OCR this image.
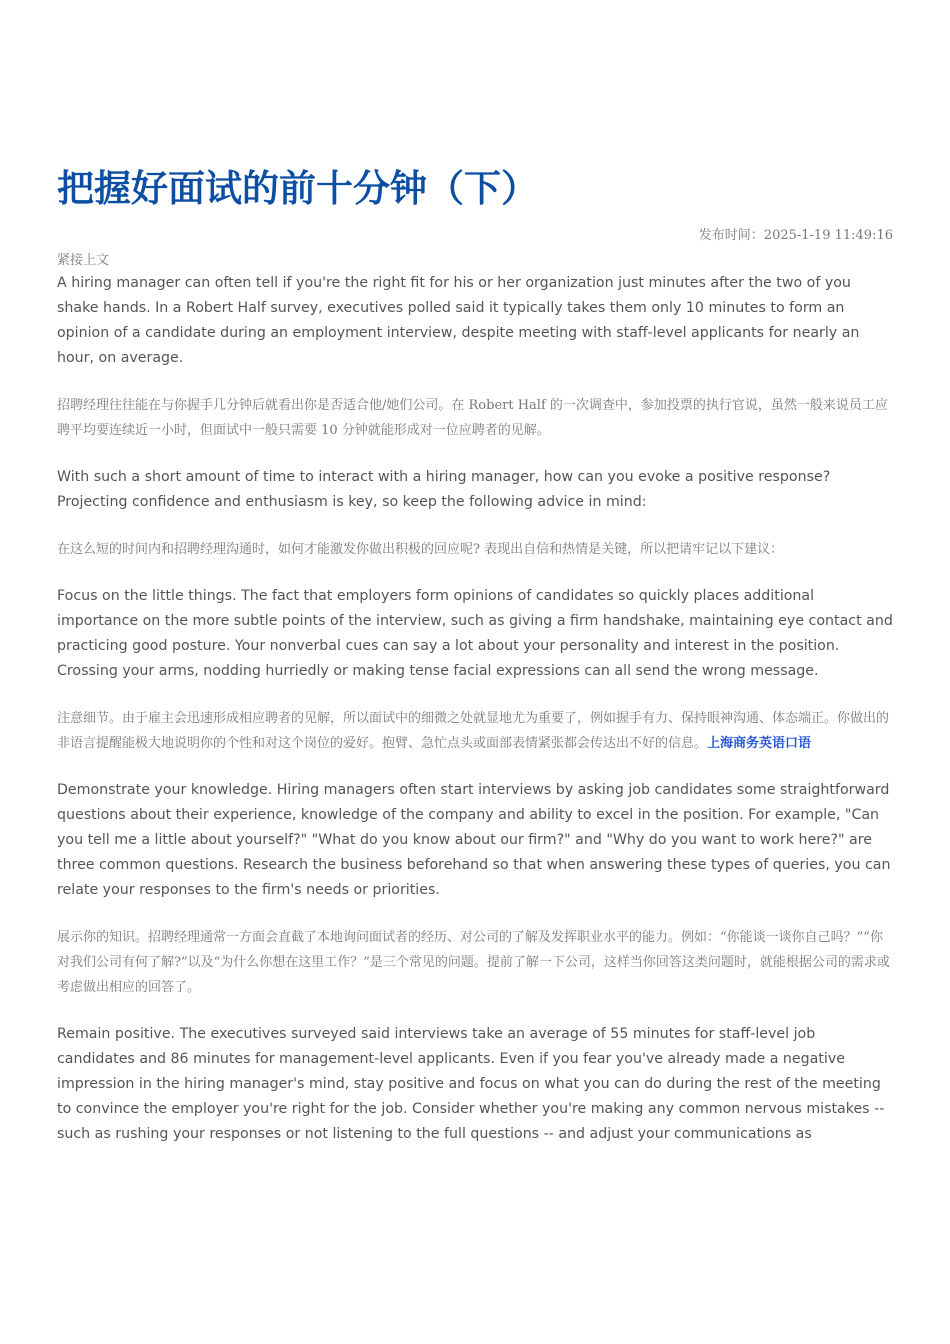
把握好面试的前十分钟（下）
发布时间：2025-1-19 11:49:16

紧接上文

A hiring manager can often tell if you're the right fit for his or her organization just minutes after the two of you shake hands. In a Robert Half survey, executives polled said it typically takes them only 10 minutes to form an opinion of a candidate during an employment interview, despite meeting with staff-level applicants for nearly an hour, on average.

招聘经理往往能在与你握手几分钟后就看出你是否适合他/她们公司。在 Robert Half 的一次调查中，参加投票的执行官说，虽然一般来说员工应聘平均要连续近一小时，但面试中一般只需要 10 分钟就能形成对一位应聘者的见解。

With such a short amount of time to interact with a hiring manager, how can you evoke a positive response? Projecting confidence and enthusiasm is key, so keep the following advice in mind:

在这么短的时间内和招聘经理沟通时，如何才能激发你做出积极的回应呢? 表现出自信和热情是关键，所以把请牢记以下建议：

Focus on the little things. The fact that employers form opinions of candidates so quickly places additional importance on the more subtle points of the interview, such as giving a firm handshake, maintaining eye contact and practicing good posture. Your nonverbal cues can say a lot about your personality and interest in the position. Crossing your arms, nodding hurriedly or making tense facial expressions can all send the wrong message.

注意细节。由于雇主会迅速形成相应聘者的见解，所以面试中的细微之处就显地尤为重要了，例如握手有力、保持眼神沟通、体态端正。你做出的非语言提醒能极大地说明你的个性和对这个岗位的爱好。抱臂、急忙点头或面部表情紧张都会传达出不好的信息。上海商务英语口语

Demonstrate your knowledge. Hiring managers often start interviews by asking job candidates some straightforward questions about their experience, knowledge of the company and ability to excel in the position. For example, "Can you tell me a little about yourself?" "What do you know about our firm?" and "Why do you want to work here?" are three common questions. Research the business beforehand so that when answering these types of queries, you can relate your responses to the firm's needs or priorities.

展示你的知识。招聘经理通常一方面会直截了本地询问面试者的经历、对公司的了解及发挥职业水平的能力。例如：“你能谈一谈你自己吗？”“你对我们公司有何了解?”以及“为什么你想在这里工作？”是三个常见的问题。提前了解一下公司，这样当你回答这类问题时，就能根据公司的需求或考虑做出相应的回答了。

Remain positive. The executives surveyed said interviews take an average of 55 minutes for staff-level job candidates and 86 minutes for management-level applicants. Even if you fear you've already made a negative impression in the hiring manager's mind, stay positive and focus on what you can do during the rest of the meeting to convince the employer you're right for the job. Consider whether you're making any common nervous mistakes -- such as rushing your responses or not listening to the full questions -- and adjust your communications as
